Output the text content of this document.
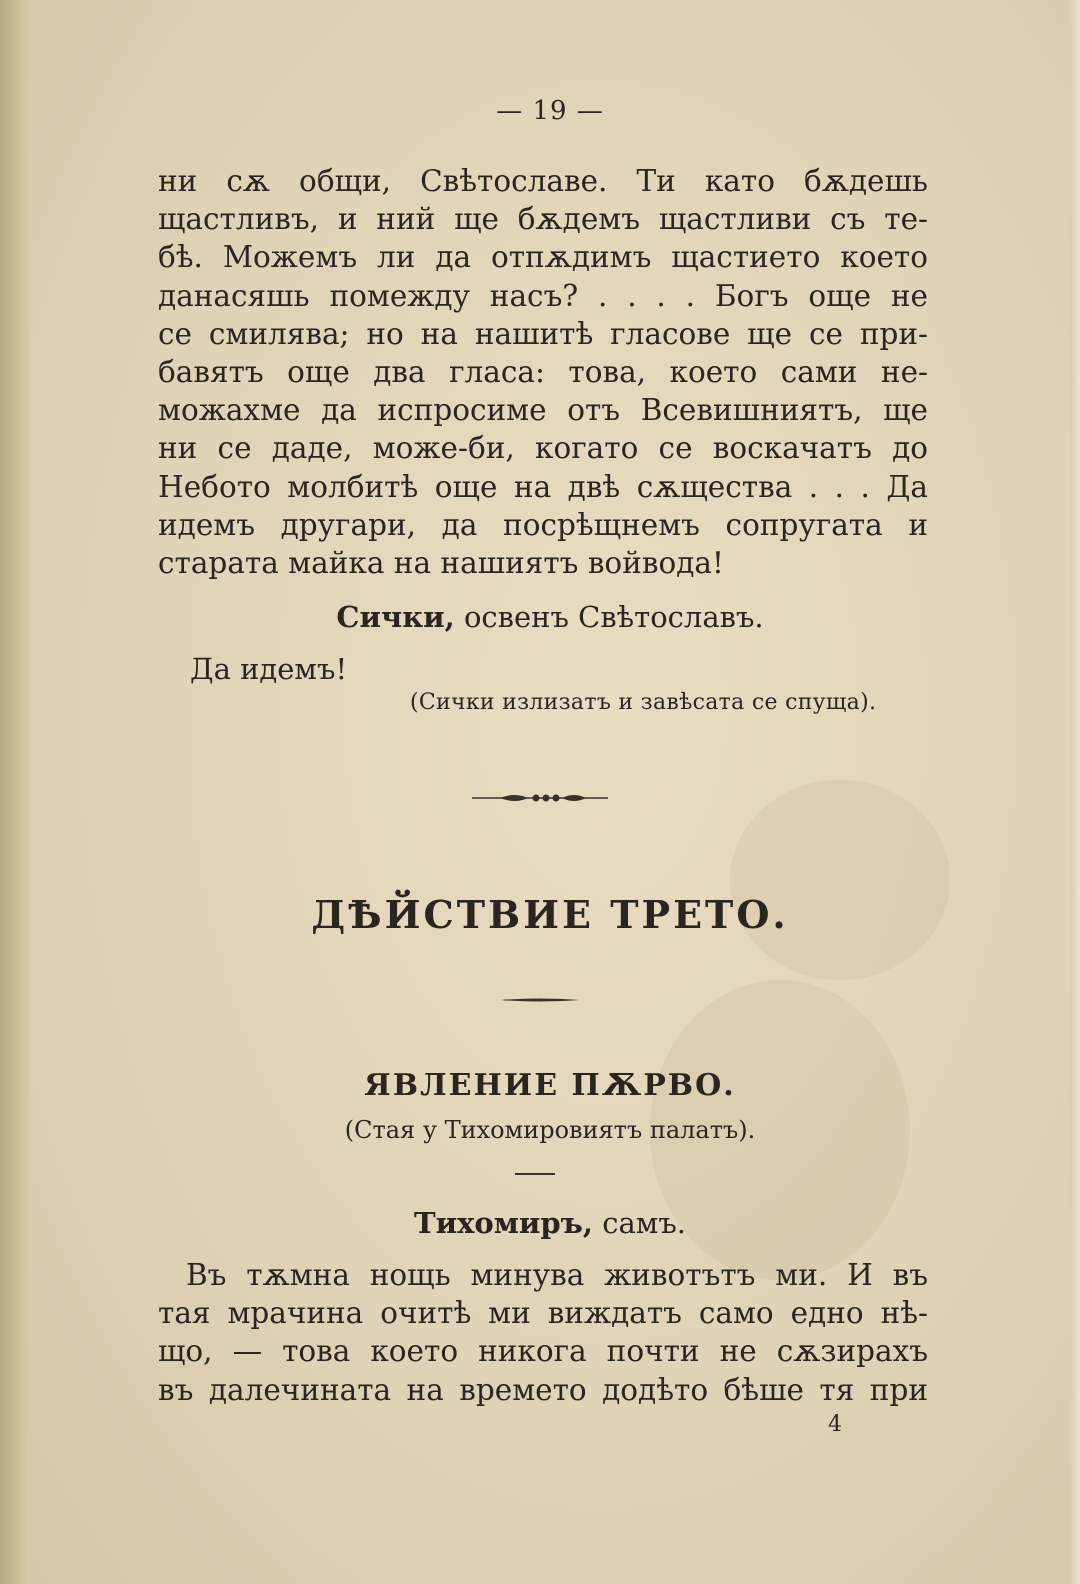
— 19 —
ни сѫ общи, Свѣтославе. Ти като бѫдешь
щастливъ, и ний ще бѫдемъ щастливи съ те-
бѣ. Можемъ ли да отпѫдимъ щастието което
данасяшь помежду насъ? . . . . Богъ още не
се смилява; но на нашитѣ гласове ще се при-
бавятъ още два гласа: това, което сами не-
можахме да испросиме отъ Всевишниятъ, ще
ни се даде, може-би, когато се воскачатъ до
Небото молбитѣ още на двѣ сѫщества . . . Да
идемъ другари, да посрѣщнемъ сопругата и
старата майка на нашиятъ войвода!
Сички, освенъ Свѣтославъ.
Да идемъ!
(Сички излизатъ и завѣсата се спуща).
ДѢЙСТВИЕ ТРЕТО.
ЯВЛЕНИЕ ПѪРВО.
(Стая у Тихомировиятъ палатъ).
Тихомиръ, самъ.
Въ тѫмна нощь минува животътъ ми. И въ
тая мрачина очитѣ ми виждатъ само едно нѣ-
що, — това което никога почти не сѫзирахъ
въ далечината на времето додѣто бѣше тя при
4
